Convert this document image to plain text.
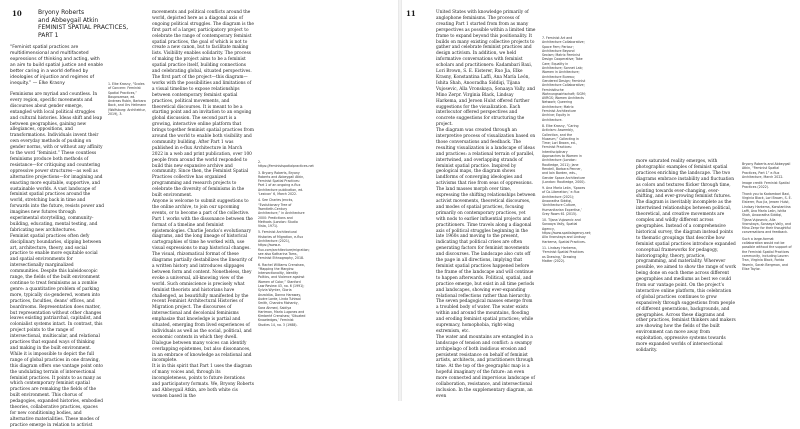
10	Bryony Roberts
and Abbeygail Atkin
FEMINIST SPATIAL PRACTICES,
PART 1

“Feminist spatial practices are multidimensional and multifaceted expressions of thinking and acting, with an aim to build spatial justice and enable better caring in a world defined by ideologies of injustice and regimes of inequity.” — Elke Krasny

Feminisms are myriad and countless. In every region, specific movements and discourses about gender emerge, entangled with local political struggles and cultural histories. Ideas shift and leap between geographies, gaining new allegiances, oppositions, and transformations. Individuals invent their own everyday methods of pushing on gender norms, with or without any affinity to the word “feminist.” These countless feminisms produce both methods of resistance—for critiquing and countering oppressive power structures—as well as alternative projections—for imagining and enacting more equitable, supportive, and sustainable worlds. A vast landscape of feminist spatial practices around the world, stretching back in time and forwards into the future, resists power and imagines new futures through experimental storytelling, community-building, educating, mental testing, and fabricating new architectures.

Feminist spatial practices often defy disciplinary boundaries, slipping between art, architecture, theory, and social practice to enable more equitable social and spatial environments for intersectionally marginalized communities. Despite this kaleidoscopic range, the fields of the built environment continue to treat feminisms as a zombie genre: a quantitative problem of parking more, typically cis-gendered, women into practices, faculties, deans’ offices, and boardrooms. Representation does matter, but representation without other changes leaves existing patriarchal, capitalist, and colonialist systems intact. In contrast, this project points to the range of intersectional, multiscalar, and relational practices that expand ways of thinking and making in the built environment.

While it is impossible to depict the full range of global practices in one drawing, this diagram offers one vantage point onto the undulating terrain of intersectional feminist practices. It points to as many as which contemporary feminist spatial practices are remaking the fields of the built environment. This chorus of pedagogies, expanded histories, embodied theories, collaborative practices, spaces for new conditioning bodies, and alternative materialities. These modes of practice emerge in relation to activist

1. Elke Krasny, “Scales of Concern: Feminist Spatial Practices,” Bauprozesse, ed. Andreas Rubin, Barbara Bock, and Urs Heilmann (Wolfsburg: Architektur, 2019), 3.

movements and political conflicts around the world, depicted here as a diagonal axis of ongoing political struggles. The diagram is the first part of a larger, participatory project to celebrate the range of contemporary feminist spatial practices, the goal of which is not to create a new canon, but to facilitate making lists. Visibility enables solidarity. The process of making the project aims to be a feminist spatial practice itself, building connections and celebrating global, situated perspectives.

The first part of the project—this diagram—works with the possibilities and limitations of a visual timeline to expose relationships between contemporary feminist spatial practices, political movements, and theoretical discourses. It is meant to be a starting point and an invitation to an ongoing global discussion. The second part is a growing, interactive online platform that brings together feminist spatial practices from around the world to enable both visibility and community building. After Part 1 was published in e-flux Architecture in March 2022 in a web and print publication, over 100 people from around the world responded to build this new expansive archive and community. Since then, the Feminist Spatial Practices collective has organized programming and research projects to celebrate the diversity of feminisms in the built environment.

Anyone is welcome to submit suggestions to the online archive, to join our upcoming events, or to become a part of the collective.

Part 1 works with the dissonance between the format of a timeline and feminist epistemologies. Charlie Jencks’s evolutionary diagrams, and the long lineage of historical cartographies of time he worked with, use visual expressions to map historical changes. The visual, rhizomatical format of these diagrams partially destabilizes the linearity of a written history and introduces slippages between form and content. Nonetheless, they evoke a universal, all-knowing view of the world. Such omniscience is precisely what feminist theorists and historians have challenged, as beautifully manifested by the recent Feminist Architectural Histories of Migration project. The discourses of intersectional and decolonial feminisms emphasize that knowledge is partial and situated, emerging from lived experiences of individuals as well as the social, political, and economic contexts in which they dwell. Dialogue between many voices can identify overlapping epistemes, but also dissonances, in an embrace of knowledge as relational and incomplete.

It is in this spirit that Part 1 uses the diagram of many voices and, through its incompleteness, points to future iterations and participatory formats. We, Bryony Roberts and Abbeygail Atkin, are both white cis women based in the

2. https://feministspatialpractices.net

3. Bryony Roberts, Bryony Roberts and Abbeygail Atkin, Feminist Spatial Practices: Part 1 of an ongoing e-flux Architecture publication, ed. ‘Lexicon’ 6, March 2022.

4. See Charles Jencks, “Evolutionary Tree of Twentieth-Century Architecture,” in Architecture 2000: Predictions and Methods (London: Studio Vista, 1971).

5. Feminist Architectural Histories of Migration, e-flux Architecture (2021), https://www.e-flux.com/architecture/migration; see also Katharina Tams, Feminist Ethnography, 2018.

6. Rachel Williams Crenshaw, “Mapping the Margins: Intersectionality, Identity Politics, and Violence against Women of Color,” Stanford Law Review 43, no. 6 (1991); Sylvia Wynter, Gloria Anzaldúa, Donna Haraway, Audre Lorde, Linda Tuhiwai Smith, Chandra Mohanty, Sara Ahmed, Saidiya Hartman, María Lugones and Kimberlé Crenshaw; ‘Situated Knowledges,’ Feminist Studies 14, no. 3 (1988).

11	United States with knowledge primarily of anglophone feminisms. The process of creating Part 1 started from from as many perspectives as possible within a limited time frame to expand beyond this positionality. It builds on many existing collective projects to gather and celebrate feminist practices and design activism. In addition, we held informative conversations with feminist scholars and practitioners: Kadambari Baxi, Lori Brown, S. E. Eisterer, Ruo Jia, Elke Krasny, Konstantina Laffi, Ana María León, Ishita Shah, Anooradha Siddiqi, Tijana Vujosevic, Alla Vronskaya, Sonaaya Vally, and Mino Zerpr. Virginia Black, Lindsay Harkema, and Jeroen Hulst offered further suggestions for the visualization. Each interlocutor offered perspectives and concrete suggestions for structuring the project.

The diagram was created through an interpretive process of visualization based on those conversations and feedback. The resulting visualization is a landscape of ideas and practices: a relational terrain of parallel, intertwined, and overlapping strands of feminist spatial practice. Inspired by geological maps, the diagram shows landforms of converging ideologies and activisms that rise from seas of oppressions. The land masses morph over time, expressing the shifting relationships between activist movements, theoretical discourses, and modes of spatial practices, focusing primarily on contemporary practices, yet with nods to earlier influential projects and practitioners. Time travels along a diagonal axis of political struggles beginning in the late 1960s and moving to the present, indicating that political crises are often generating factors for feminist movements and discourses. The landscape also cuts off the page in all directions, implying that feminist spatial practices happened before the frame of the landscape and will continue to happen afterwards. Political, spatial, and practice emerge, but exist in all time periods and landscapes, showing ever-expanding relational reflections rather than hierarchy.

The seven pedagogical masses emerge from a troubled body of water. The water exists within and around the mountains, flooding and eroding feminist spatial practices; while supremacy, homophobia, right-wing extremism, etc.

The water and mountains are entangled in a landscape of tension and conflict: a swampy archipelago of both insidious erosion and persistent resistance on behalf of feminist artists, architects, and practitioners through time. At the top of the geographic map is a hopeful imaginary of the future: an even more connected and impervious landscape of collaboration, resistance, and intersectional inclusion. In the supplementary diagram, an even

7. Feminist Art and Architecture Collaborative; Space Fem; Parlour; Architecture Beyond Sexism; Matrix Feminist Design Cooperative; Take Care; Equality in Architecture; Sonnet Lab; Women in Architecture; Architecture Bureau; Gendered Design; Feminist Architecture Collaborative; Feministische Wohnungswirtschaft; SIGM; AVRGS; Women Architects Network; Queering Architecture; Matrix Feminist Architecture Archive; Equity in Architecture.

8. Elke Krasny, “Caring Activism: Assembly, Collection, and the Museum,” Collecting in Time; Lori Brown, ed., Feminist Practices: Interdisciplinary Approaches to Women in Architecture (London: Routledge, 2011); Jane Rendell, Barbara Penner, and Iain Borden, eds., Gender Space Architecture (London: Routledge, 2000).

9. Ana María León, ‘Spaces of Co-Liberation,’ e-flux Architecture (2021); Anooradha Siddiqi, ‘Architecture Culture, Humanitarian Expertise,’ Grey Room 61 (2015).

10. Tijana Vujosevic and Sonaaya Vally, Spatial Agency, https://www.spatialagency.net; Alla Vronskaya and Lindsay Harkema, Spatial Practices.

11. Lindsay Harkema, ‘Feminist Spatial Practices as Drawing,’ Drawing Matter (2022).

more saturated reality emerges, with photographic examples of feminist spatial practices enriching the landscape. The two diagrams embrace instability and fluctuation as colors and textures flicker through time, pointing towards ever-changing, ever-shifting, and ever-growing feminist futures.

The diagram is inevitably incomplete as the intertwined relationships between political, theoretical, and creative movements are complex and wildly different across geographies. Instead of a comprehensive historical survey, the diagram instead points to thematic groupings that describe how feminist spatial practices introduce expanded conceptual frameworks for pedagogy, historiography, theory, practice, programming, and materiality. Wherever possible, we aimed to show the range of work being done on each theme across different geographies and mediums as best we could from our vantage point. On the project’s interactive online platform, this celebration of global practices continues to grow expansively through suggestions from people of different generations, backgrounds, and geographies. Across these diagrams and other practices, feminist thinkers and makers are showing how the fields of the built environment can move away from exploitation, oppressive systems towards more expanded worlds of intersectional solidarity.

Bryony Roberts and Abbeygail Atkin, “Feminist Spatial Practices, Part 1” e-flux Architecture, March 2022.

Image credit: Feminist Spatial Practices (2022).

Thank you to Kadambari Baxi, Virginia Black, Lori Brown, S. E. Eisterer, Ruo Jia, Jeroen Hulst, Lindsay Harkema, Konstantina Laffi, Ana María León, Ishita Shah, Anooradha Siddiqi, Tijana Vujosevic, Alla Vronskaya, Sonaaya Vally, and Mino Zerpr for their thoughtful conversations and feedback.

Such a large-format collaboration would not be possible without the support of the Feminist Spatial Practices community, including Lauren Tran, Virginia Black, Farida Yasmin, Sarah Bergman, and Elise Taylor.
